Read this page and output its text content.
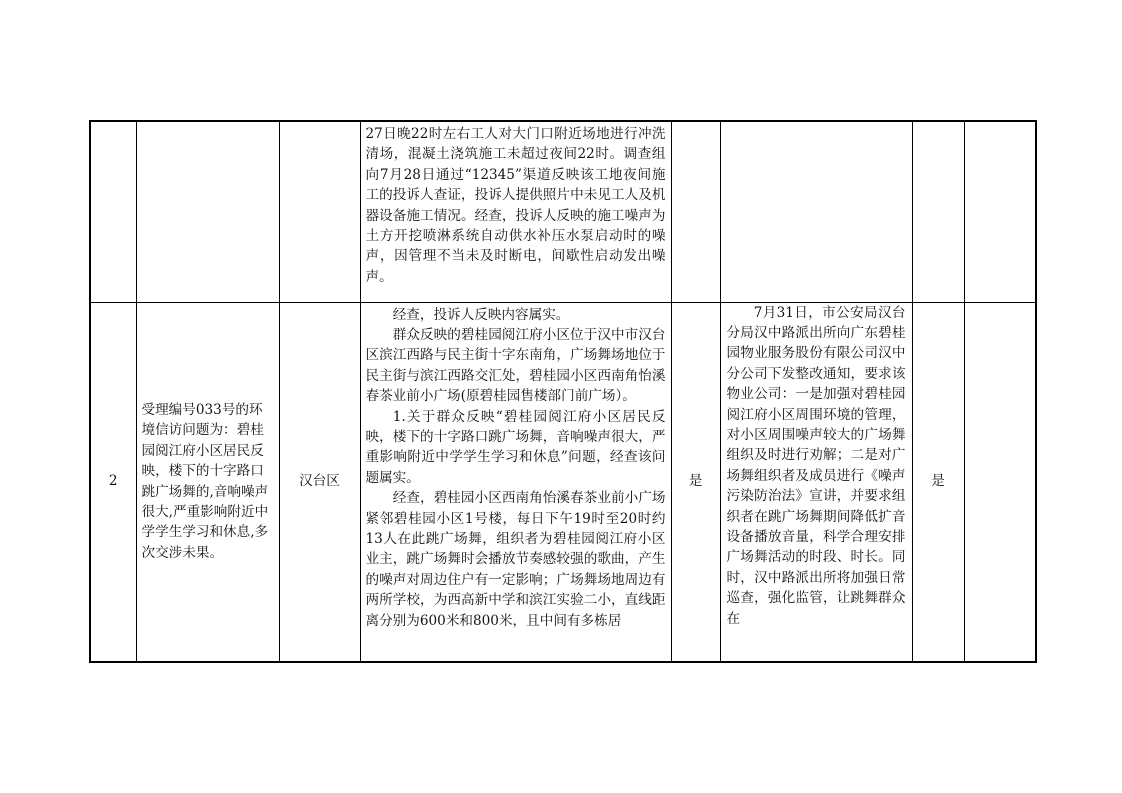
			27日晚22时左右工人对大门口附近场地进行冲洗清场，混凝土浇筑施工未超过夜间22时。调查组向7月28日通过“12345”渠道反映该工地夜间施工的投诉人查证，投诉人提供照片中未见工人及机器设备施工情况。经查，投诉人反映的施工噪声为土方开挖喷淋系统自动供水补压水泵启动时的噪声，因管理不当未及时断电，间歇性启动发出噪声。				

2	受理编号033号的环境信访问题为：碧桂园阅江府小区居民反映，楼下的十字路口跳广场舞的,音响噪声很大,严重影响附近中学学生学习和休息,多次交涉未果。	汉台区	经查，投诉人反映内容属实。

群众反映的碧桂园阅江府小区位于汉中市汉台区滨江西路与民主街十字东南角，广场舞场地位于民主街与滨江西路交汇处，碧桂园小区西南角怡溪春茶业前小广场(原碧桂园售楼部门前广场）。

1.关于群众反映“碧桂园阅江府小区居民反映，楼下的十字路口跳广场舞，音响噪声很大，严重影响附近中学学生学习和休息”问题，经查该问题属实。

经查，碧桂园小区西南角怡溪春茶业前小广场紧邻碧桂园小区1号楼，每日下午19时至20时约13人在此跳广场舞，组织者为碧桂园阅江府小区业主，跳广场舞时会播放节奏感较强的歌曲，产生的噪声对周边住户有一定影响；广场舞场地周边有两所学校，为西高新中学和滨江实验二小，直线距离分别为600米和800米，且中间有多栋居	是	7月31日，市公安局汉台分局汉中路派出所向广东碧桂园物业服务股份有限公司汉中分公司下发整改通知，要求该物业公司：一是加强对碧桂园阅江府小区周围环境的管理，对小区周围噪声较大的广场舞组织及时进行劝解；二是对广场舞组织者及成员进行《噪声污染防治法》宣讲，并要求组织者在跳广场舞期间降低扩音设备播放音量，科学合理安排广场舞活动的时段、时长。同时，汉中路派出所将加强日常巡查，强化监管，让跳舞群众在	是	
